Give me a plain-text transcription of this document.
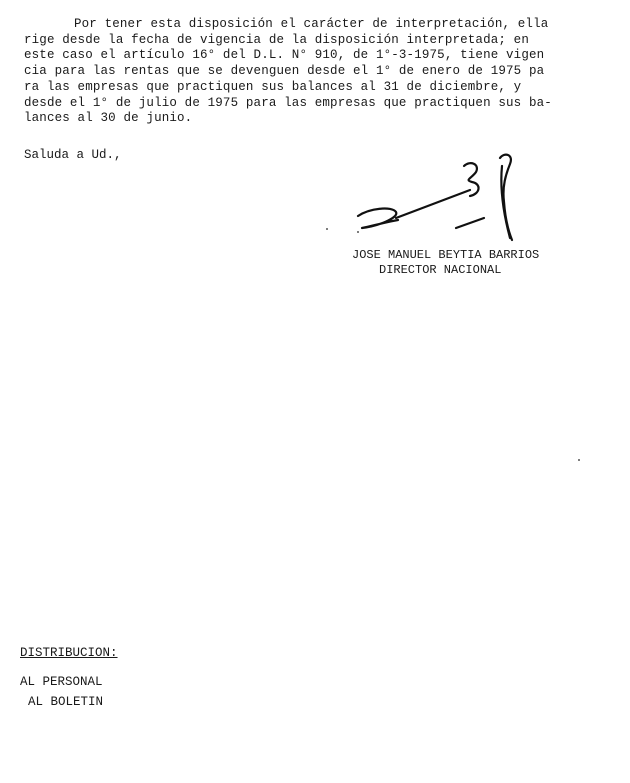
Por tener esta disposición el carácter de interpretación, ella
rige desde la fecha de vigencia de la disposición interpretada; en
este caso el artículo 16° del D.L. N° 910, de 1°-3-1975, tiene vigen
cia para las rentas que se devenguen desde el 1° de enero de 1975 pa
ra las empresas que practiquen sus balances al 31 de diciembre, y
desde el 1° de julio de 1975 para las empresas que practiquen sus ba-
lances al 30 de junio.

Saluda a Ud.,

JOSE MANUEL BEYTIA BARRIOS

DIRECTOR NACIONAL

DISTRIBUCION:

AL PERSONAL

AL BOLETIN
